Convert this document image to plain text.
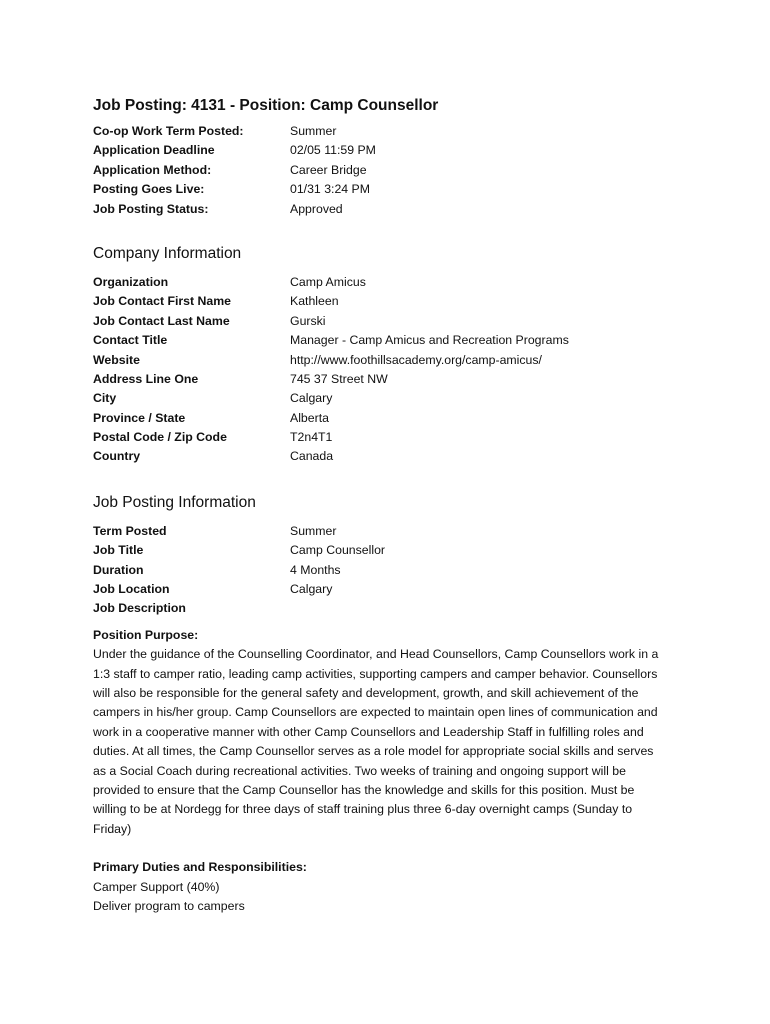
Job Posting: 4131 - Position: Camp Counsellor
Co-op Work Term Posted:	Summer
Application Deadline	02/05 11:59 PM
Application Method:	Career Bridge
Posting Goes Live:	01/31 3:24 PM
Job Posting Status:	Approved
Company Information
Organization	Camp Amicus
Job Contact First Name	Kathleen
Job Contact Last Name	Gurski
Contact Title	Manager - Camp Amicus and Recreation Programs
Website	http://www.foothillsacademy.org/camp-amicus/
Address Line One	745 37 Street NW
City	Calgary
Province / State	Alberta
Postal Code / Zip Code	T2n4T1
Country	Canada
Job Posting Information
Term Posted	Summer
Job Title	Camp Counsellor
Duration	4 Months
Job Location	Calgary
Job Description

Position Purpose:

Under the guidance of the Counselling Coordinator, and Head Counsellors, Camp Counsellors work in a
1:3 staff to camper ratio, leading camp activities, supporting campers and camper behavior. Counsellors
will also be responsible for the general safety and development, growth, and skill achievement of the
campers in his/her group. Camp Counsellors are expected to maintain open lines of communication and
work in a cooperative manner with other Camp Counsellors and Leadership Staff in fulfilling roles and
duties. At all times, the Camp Counsellor serves as a role model for appropriate social skills and serves
as a Social Coach during recreational activities. Two weeks of training and ongoing support will be
provided to ensure that the Camp Counsellor has the knowledge and skills for this position. Must be
willing to be at Nordegg for three days of staff training plus three 6-day overnight camps (Sunday to
Friday)

Primary Duties and Responsibilities:

Camper Support (40%)
Deliver program to campers
